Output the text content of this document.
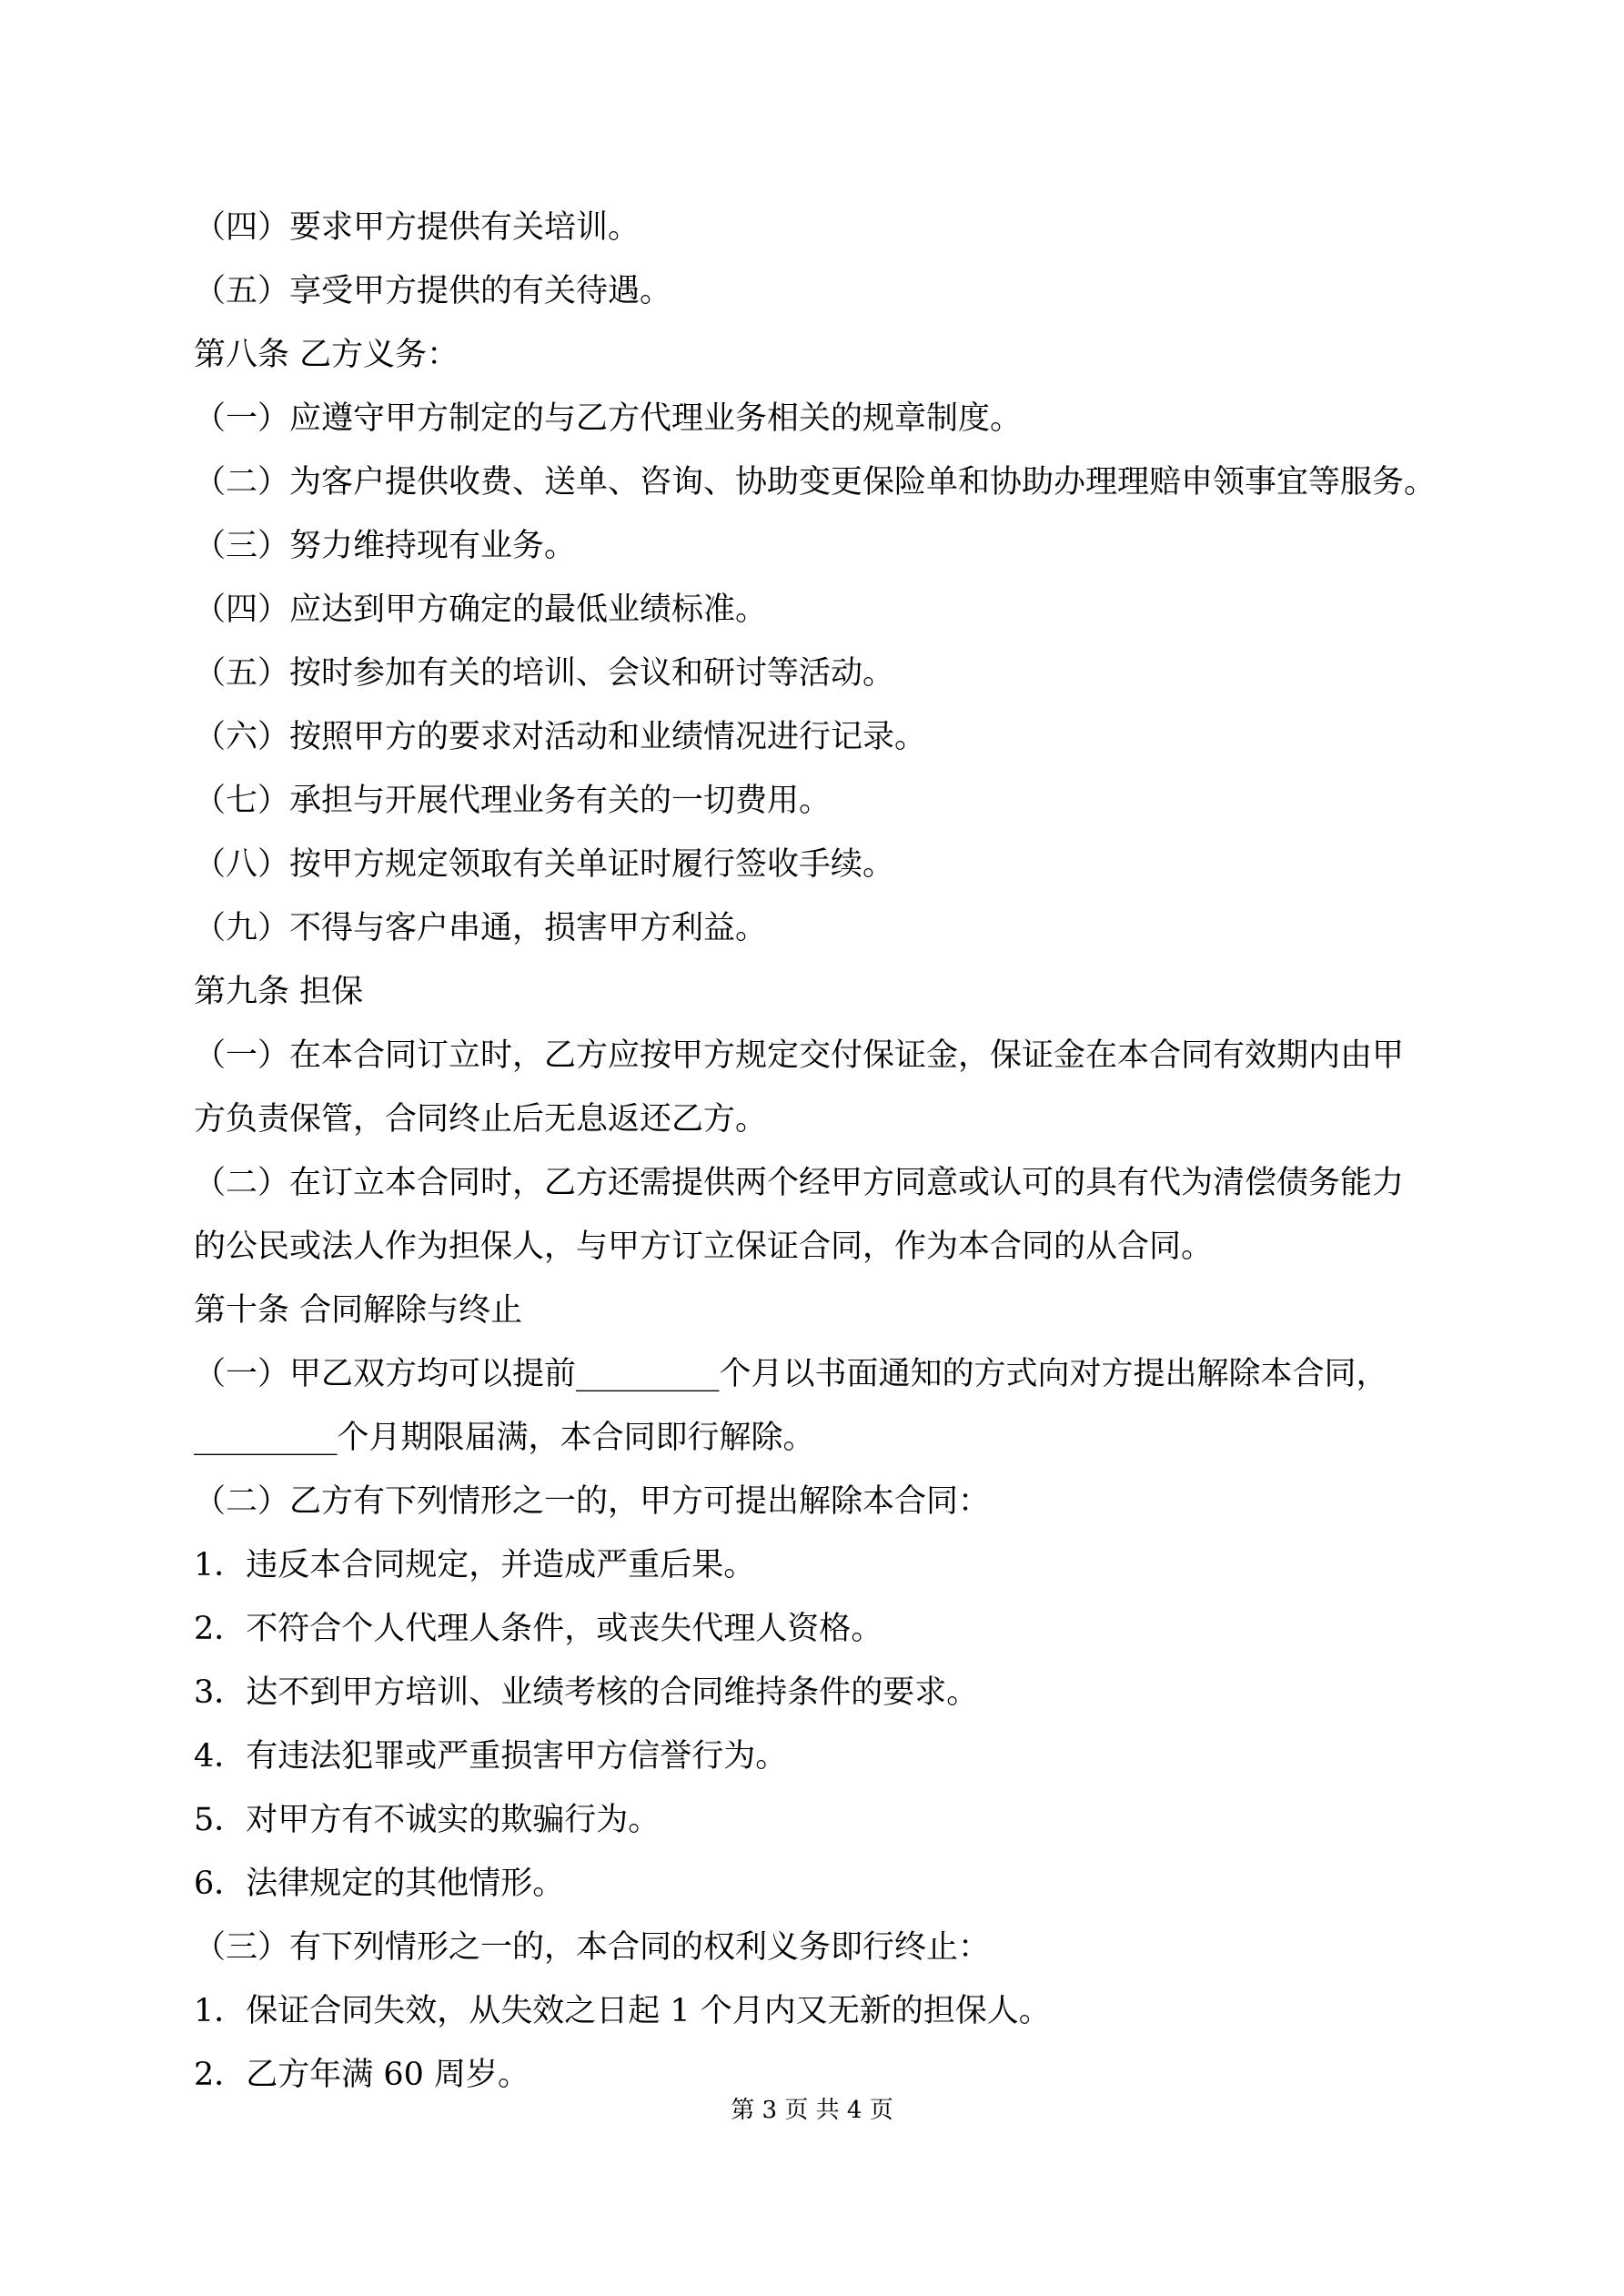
（四）要求甲方提供有关培训。
（五）享受甲方提供的有关待遇。
第八条 乙方义务：
（一）应遵守甲方制定的与乙方代理业务相关的规章制度。
（二）为客户提供收费、送单、咨询、协助变更保险单和协助办理理赔申领事宜等服务。
（三）努力维持现有业务。
（四）应达到甲方确定的最低业绩标准。
（五）按时参加有关的培训、会议和研讨等活动。
（六）按照甲方的要求对活动和业绩情况进行记录。
（七）承担与开展代理业务有关的一切费用。
（八）按甲方规定领取有关单证时履行签收手续。
（九）不得与客户串通，损害甲方利益。
第九条 担保
（一）在本合同订立时，乙方应按甲方规定交付保证金，保证金在本合同有效期内由甲
方负责保管，合同终止后无息返还乙方。
（二）在订立本合同时，乙方还需提供两个经甲方同意或认可的具有代为清偿债务能力
的公民或法人作为担保人，与甲方订立保证合同，作为本合同的从合同。
第十条 合同解除与终止
（一）甲乙双方均可以提前_________个月以书面通知的方式向对方提出解除本合同，
_________个月期限届满，本合同即行解除。
（二）乙方有下列情形之一的，甲方可提出解除本合同：
1．违反本合同规定，并造成严重后果。
2．不符合个人代理人条件，或丧失代理人资格。
3．达不到甲方培训、业绩考核的合同维持条件的要求。
4．有违法犯罪或严重损害甲方信誉行为。
5．对甲方有不诚实的欺骗行为。
6．法律规定的其他情形。
（三）有下列情形之一的，本合同的权利义务即行终止：
1．保证合同失效，从失效之日起 1 个月内又无新的担保人。
2．乙方年满 60 周岁。
第 3 页 共 4 页
